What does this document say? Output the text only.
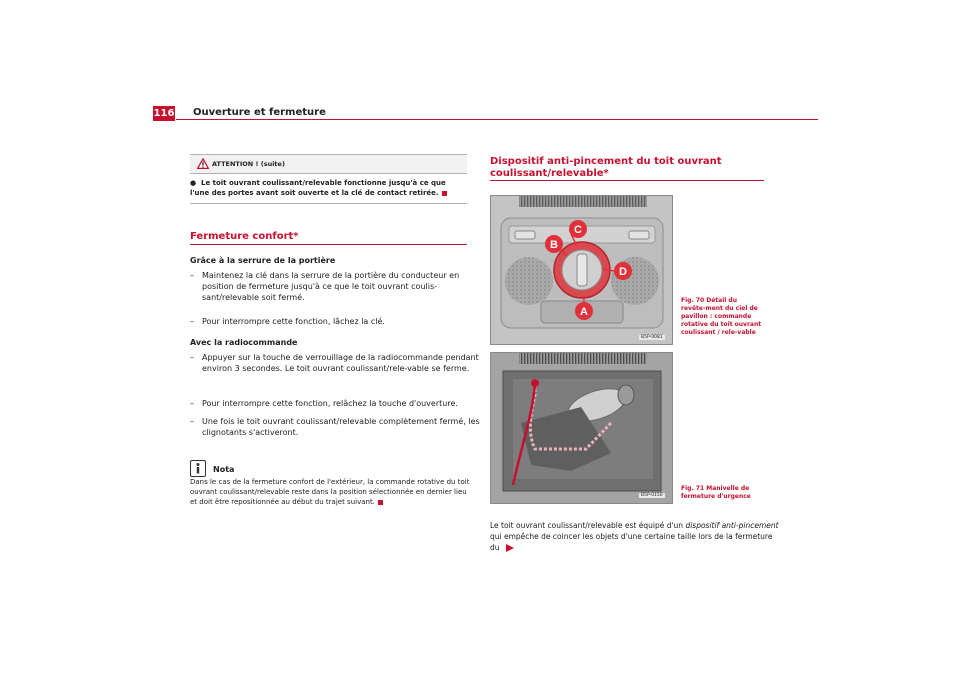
116 Ouverture et fermeture
ATTENTION ! (suite)
● Le toit ouvrant coulissant/relevable fonctionne jusqu'à ce que l'une des portes avant soit ouverte et la clé de contact retirée.
Fermeture confort*
Grâce à la serrure de la portière
– Maintenez la clé dans la serrure de la portière du conducteur en position de fermeture jusqu'à ce que le toit ouvrant coulis-sant/relevable soit fermé.
– Pour interrompre cette fonction, lâchez la clé.
Avec la radiocommande
– Appuyer sur la touche de verrouillage de la radiocommande pendant environ 3 secondes. Le toit ouvrant coulissant/rele-vable se ferme.
– Pour interrompre cette fonction, relâchez la touche d'ouverture.
– Une fois le toit ouvrant coulissant/relevable complètement fermé, les clignotants s'activeront.
Nota
Dans le cas de la fermeture confort de l'extérieur, la commande rotative du toit ouvrant coulissant/relevable reste dans la position sélectionnée en dernier lieu et doit être repositionnée au début du trajet suivant.
Dispositif anti-pincement du toit ouvrant
coulissant/relevable*
C
B
D
A
B5P-0081
Fig. 70 Détail du revête-ment du ciel de pavillon : commande rotative du toit ouvrant coulissant / rele-vable
B5P-0150
Fig. 71 Manivelle de fermeture d'urgence
Le toit ouvrant coulissant/relevable est équipé d'un dispositif anti-pincement
qui empêche de coincer les objets d'une certaine taille lors de la fermeture du
